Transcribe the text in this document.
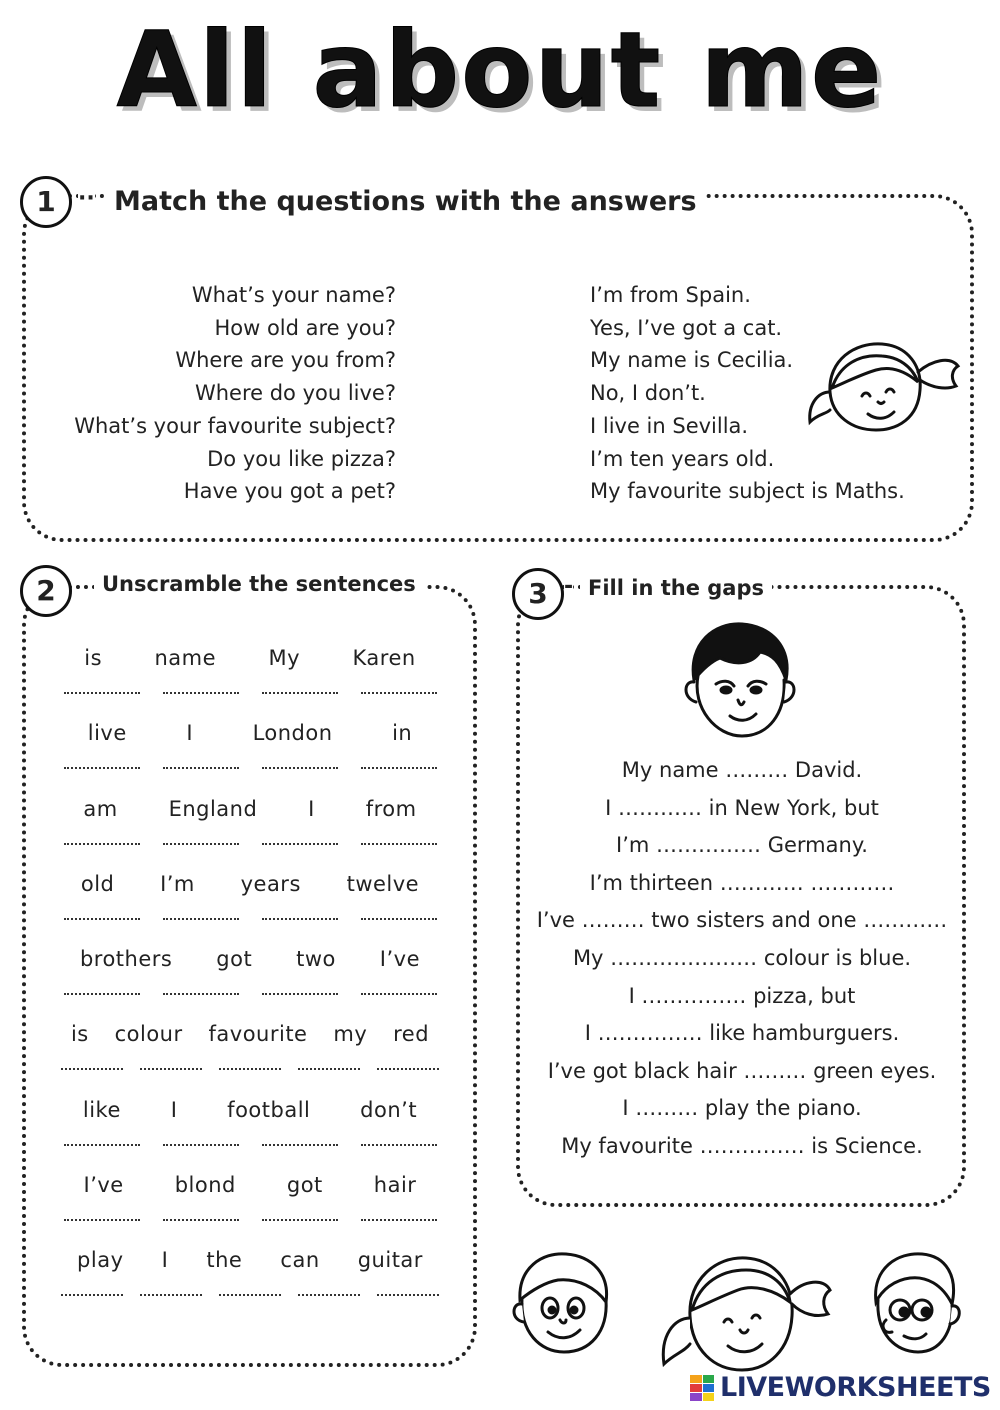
All about me
1	·· Match the questions with the answers
What’s your name?
How old are you?
Where are you from?
Where do you live?
What’s your favourite subject?
Do you like pizza?
Have you got a pet?
I’m from Spain.
Yes, I’ve got a cat.
My name is Cecilia.
No, I don’t.
I live in Sevilla.
I’m ten years old.
My favourite subject is Maths.
2	Unscramble the sentences
is name My Karen
live	I	London	in
am England I from
old I’m years twelve
brothers got two I’ve
is colour favourite my red
like I football don’t
I’ve blond got hair
play I the can guitar
3 - Fill in the gaps
My name ……… David.
I ………… in New York, but
I’m …………… Germany.
I’m thirteen ………… …………
I’ve ……… two sisters and one …………
My ………………… colour is blue.
I …………… pizza, but
I …………… like hamburguers.
I’ve got black hair ……… green eyes.
I ……… play the piano.
My favourite …………… is Science.
LIVEWORKSHEETS
